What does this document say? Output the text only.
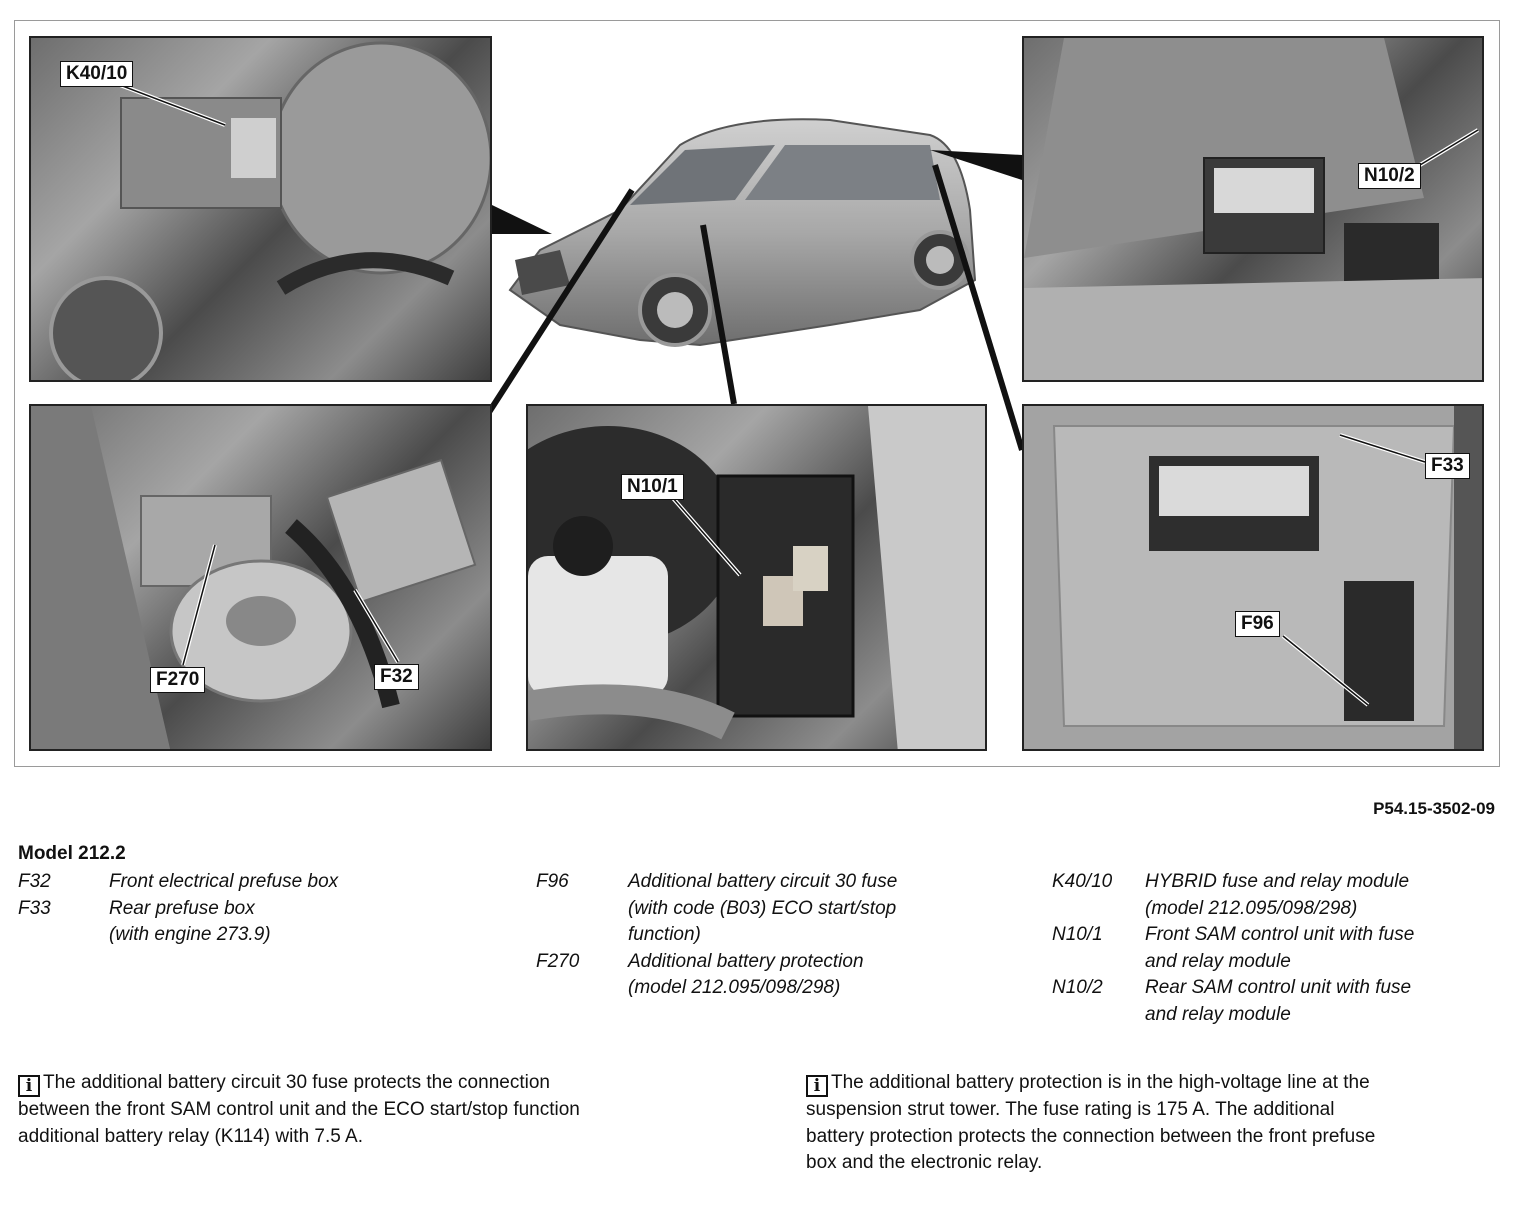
K40/10
N10/2
F270	F32
N10/1
F33
F96
P54.15-3502-09
Model 212.2
F32	Front electrical prefuse box
F33	Rear prefuse box
(with engine 273.9)
F96	Additional battery circuit 30 fuse
(with code (B03) ECO start/stop
function)
F270	Additional battery protection
(model 212.095/098/298)
K40/10	HYBRID fuse and relay module
(model 212.095/098/298)
N10/1	Front SAM control unit with fuse
and relay module
N10/2	Rear SAM control unit with fuse
and relay module
i The additional battery circuit 30 fuse protects the connection
between the front SAM control unit and the ECO start/stop function
additional battery relay (K114) with 7.5 A.
i The additional battery protection is in the high-voltage line at the
suspension strut tower. The fuse rating is 175 A. The additional
battery protection protects the connection between the front prefuse
box and the electronic relay.
